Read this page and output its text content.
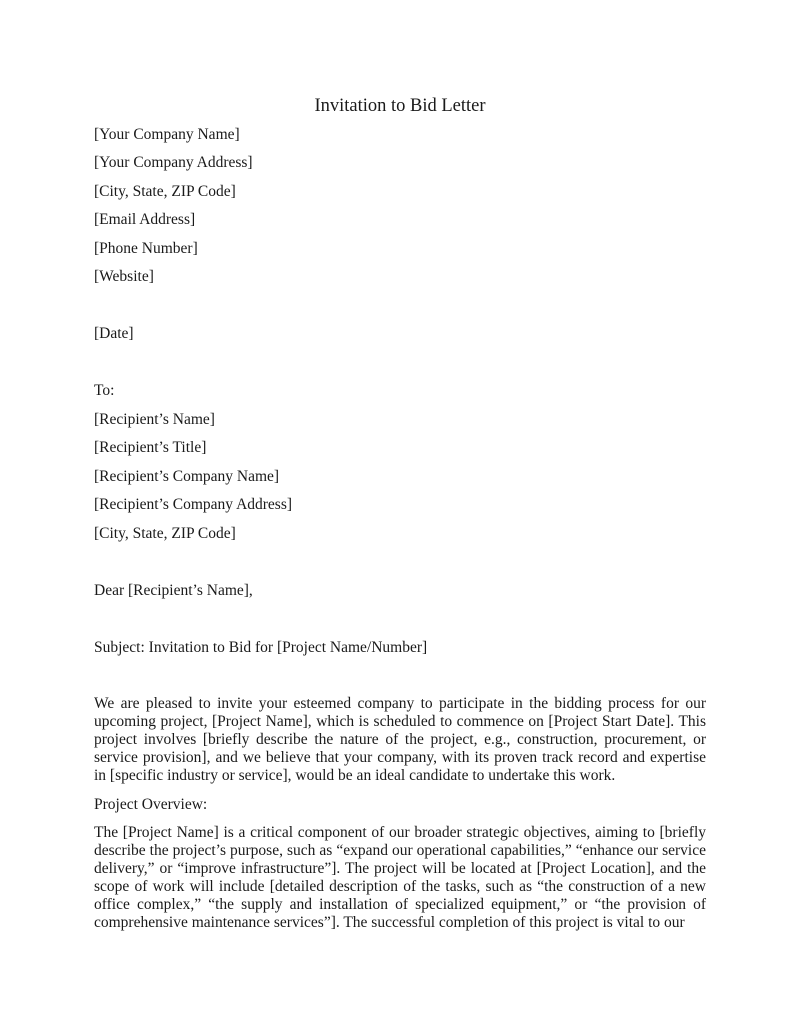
Invitation to Bid Letter
[Your Company Name]
[Your Company Address]
[City, State, ZIP Code]
[Email Address]
[Phone Number]
[Website]
[Date]
To:
[Recipient’s Name]
[Recipient’s Title]
[Recipient’s Company Name]
[Recipient’s Company Address]
[City, State, ZIP Code]
Dear [Recipient’s Name],
Subject: Invitation to Bid for [Project Name/Number]
We are pleased to invite your esteemed company to participate in the bidding process for our upcoming project, [Project Name], which is scheduled to commence on [Project Start Date]. This project involves [briefly describe the nature of the project, e.g., construction, procurement, or service provision], and we believe that your company, with its proven track record and expertise in [specific industry or service], would be an ideal candidate to undertake this work.
Project Overview:
The [Project Name] is a critical component of our broader strategic objectives, aiming to [briefly describe the project’s purpose, such as “expand our operational capabilities,” “enhance our service delivery,” or “improve infrastructure”]. The project will be located at [Project Location], and the scope of work will include [detailed description of the tasks, such as “the construction of a new office complex,” “the supply and installation of specialized equipment,” or “the provision of comprehensive maintenance services”]. The successful completion of this project is vital to our
